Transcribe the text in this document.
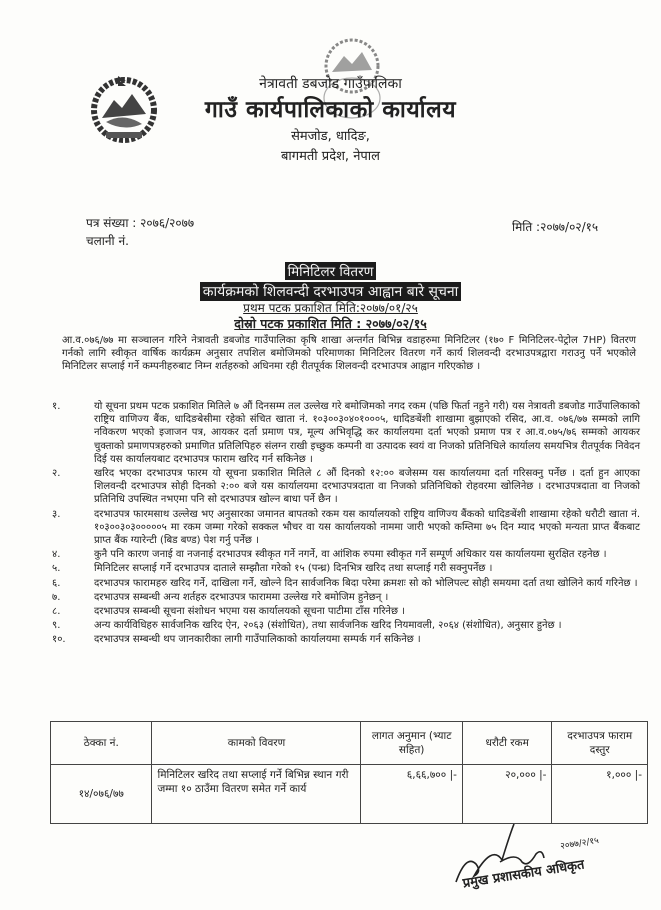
नेत्रावती डबजोड गाउँपालिका
गाउँ कार्यपालिकाको कार्यालय
सेमजोड, धादिङ,
बागमती प्रदेश, नेपाल
पत्र संख्या : २०७६/२०७७
चलानी नं.
मिति :२०७७/०२/१५
मिनिटिलर वितरण
कार्यक्रमको शिलवन्दी दरभाउपत्र आह्वान बारे सूचना
प्रथम पटक प्रकाशित मिति:२०७७/०१/२५
दोस्रो पटक प्रकाशित मिति : २०७७/०२/१५
आ.व.०७६/७७ मा सञ्चालन गरिने नेत्रावती डबजोड गाउँपालिका कृषि शाखा अन्तर्गत बिभिन्न वडाहरुमा मिनिटिलर (१७० F मिनिटिलर-पेट्रोल 7HP) वितरण गर्नको लागि स्वीकृत वार्षिक कार्यक्रम अनुसार तपशिल बमोजिमको परिमाणका मिनिटिलर वितरण गर्ने कार्य शिलवन्दी दरभाउपत्रद्वारा गराउनु पर्ने भएकोले मिनिटिलर सप्लाई गर्ने कम्पनीहरुबाट निम्न शर्तहरुको अधिनमा रही रीतपूर्वक शिलवन्दी दरभाउपत्र आह्वान गरिएकोछ ।
१.	यो सूचना प्रथम पटक प्रकाशित मितिले ७ औं दिनसम्म तल उल्लेख गरे बमोजिमको नगद रकम (पछि फिर्ता नहुने गरी) यस नेत्रावती डबजोड गाउँपालिकाको राष्ट्रिय वाणिज्य बैंक, धादिङबेसीमा रहेको संचित खाता नं. १०३००३०४०१०००५, धादिङबेंशी शाखामा बुझाएको रसिद, आ.व. ०७६/७७ सम्मको लागि नविकरण भएको इजाजन पत्र, आयकर दर्ता प्रमाण पत्र, मूल्य अभिवृद्धि कर कार्यालयमा दर्ता भएको प्रमाण पत्र र आ.व.०७५/७६ सम्मको आयकर चुक्ताको प्रमाणपत्रहरुको प्रमाणित प्रतिलिपिहरु संलग्न राखी इच्छुक कम्पनी वा उत्पादक स्वयं वा निजको प्रतिनिधिले कार्यालय समयभित्र रीतपूर्वक निवेदन दिई यस कार्यालयबाट दरभाउपत्र फाराम खरिद गर्न सकिनेछ ।
२.	खरिद भएका दरभाउपत्र फारम यो सूचना प्रकाशित मितिले ८ औं दिनको १२:०० बजेसम्म यस कार्यालयमा दर्ता गरिसक्नु पर्नेछ । दर्ता हुन आएका शिलवन्दी दरभाउपत्र सोही दिनको २:०० बजे यस कार्यालयमा दरभाउपत्रदाता वा निजको प्रतिनिधिको रोहवरमा खोलिनेछ । दरभाउपत्रदाता वा निजको प्रतिनिधि उपस्थित नभएमा पनि सो दरभाउपत्र खोल्न बाधा पर्ने छैन ।
३.	दरभाउपत्र फारमसाथ उल्लेख भए अनुसारका जमानत बापतको रकम यस कार्यालयको राष्ट्रिय वाणिज्य बैंकको धादिङबेंशी शाखामा रहेको धरौटी खाता नं. १०३००३०३०००००५ मा रकम जम्मा गरेको सक्कल भौचर वा यस कार्यालयको नाममा जारी भएको कम्तिमा ७५ दिन म्याद भएको मन्यता प्राप्त बैंकबाट प्राप्त बैंक ग्यारेन्टी (बिड बण्ड) पेश गर्नु पर्नेछ ।
४.	कुनै पनि कारण जनाई वा नजनाई दरभाउपत्र स्वीकृत गर्ने नगर्ने, वा आंशिक रुपमा स्वीकृत गर्ने सम्पूर्ण अधिकार यस कार्यालयमा सुरक्षित रहनेछ ।
५.	मिनिटिलर सप्लाई गर्ने दरभाउपत्र दाताले सम्झौता गरेको १५ (पन्ध्र) दिनभित्र खरिद तथा सप्लाई गरी सक्नुपर्नेछ ।
६.	दरभाउपत्र फारामहरु खरिद गर्ने, दाखिला गर्ने, खोल्ने दिन सार्वजनिक बिदा परेमा क्रमशः सो को भोलिपल्ट सोही समयमा दर्ता तथा खोलिने कार्य गरिनेछ ।
७.	दरभाउपत्र सम्बन्धी अन्य शर्तहरु दरभाउपत्र फाराममा उल्लेख गरे बमोजिम हुनेछन् ।
८.	दरभाउपत्र सम्बन्धी सूचना संशोधन भएमा यस कार्यालयको सूचना पाटीमा टाँस गरिनेछ ।
९.	अन्य कार्यविधिहरु सार्वजनिक खरिद ऐन, २०६३ (संशोधित), तथा सार्वजनिक खरिद नियमावली, २०६४ (संशोधित), अनुसार हुनेछ ।
१०.	दरभाउपत्र सम्बन्धी थप जानकारीका लागी गाउँपालिकाको कार्यालयमा सम्पर्क गर्न सकिनेछ ।
ठेक्का नं.	कामको विवरण	लागत अनुमान (भ्याट सहित)	धरौटी रकम	दरभाउपत्र फाराम दस्तुर
१४/०७६/७७	मिनिटिलर खरिद तथा सप्लाई गर्ने बिभिन्न स्थान गरी जम्मा १० ठाउँमा वितरण समेत गर्ने कार्य	६,६६,७०० |-	२०,००० |-	१,००० |-
२०७७/२/१५
प्रमुख प्रशासकीय अधिकृत
